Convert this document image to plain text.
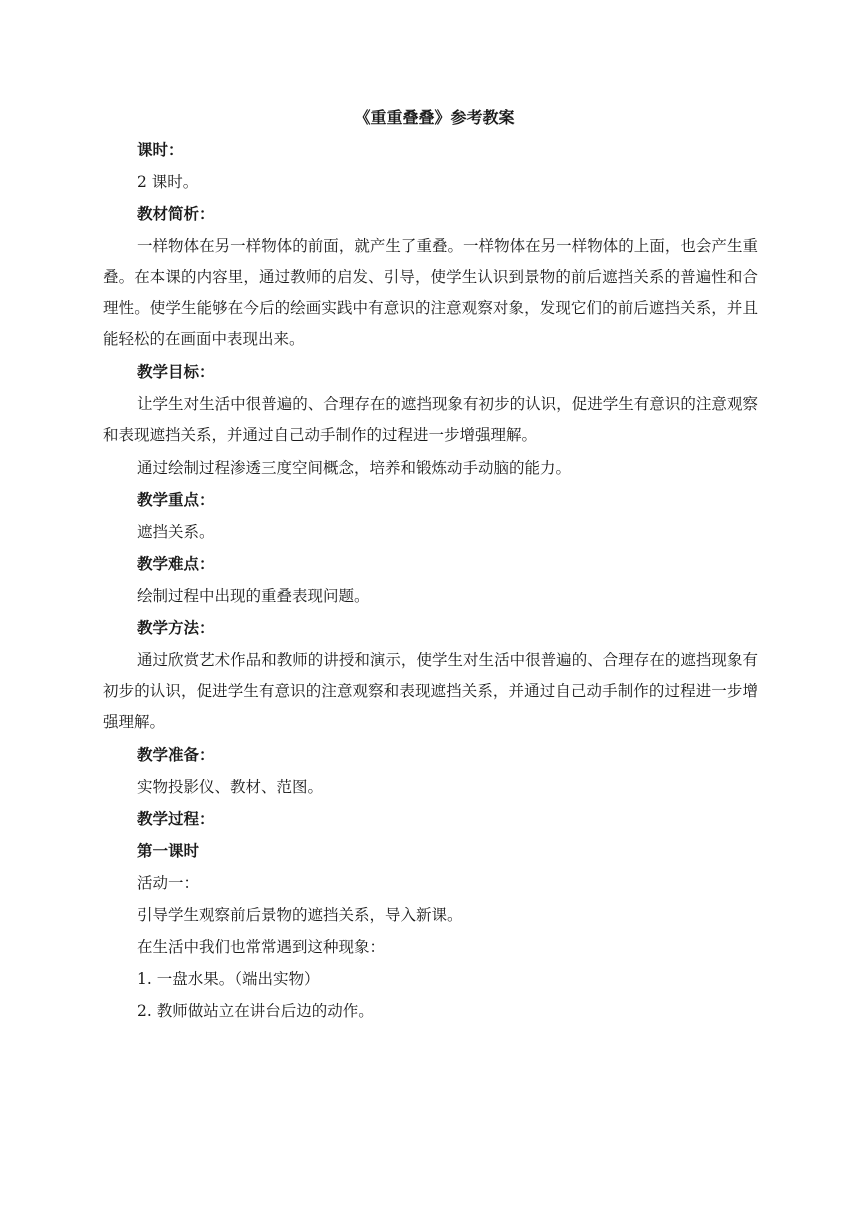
《重重叠叠》参考教案
课时：
2 课时。
教材简析：
一样物体在另一样物体的前面，就产生了重叠。一样物体在另一样物体的上面，也会产生重叠。在本课的内容里，通过教师的启发、引导，使学生认识到景物的前后遮挡关系的普遍性和合理性。使学生能够在今后的绘画实践中有意识的注意观察对象，发现它们的前后遮挡关系，并且能轻松的在画面中表现出来。
教学目标：
让学生对生活中很普遍的、合理存在的遮挡现象有初步的认识，促进学生有意识的注意观察和表现遮挡关系，并通过自己动手制作的过程进一步增强理解。
通过绘制过程渗透三度空间概念，培养和锻炼动手动脑的能力。
教学重点：
遮挡关系。
教学难点：
绘制过程中出现的重叠表现问题。
教学方法：
通过欣赏艺术作品和教师的讲授和演示，使学生对生活中很普遍的、合理存在的遮挡现象有初步的认识，促进学生有意识的注意观察和表现遮挡关系，并通过自己动手制作的过程进一步增强理解。
教学准备：
实物投影仪、教材、范图。
教学过程：
第一课时
活动一：
引导学生观察前后景物的遮挡关系，导入新课。
在生活中我们也常常遇到这种现象：
1. 一盘水果。（端出实物）
2. 教师做站立在讲台后边的动作。
